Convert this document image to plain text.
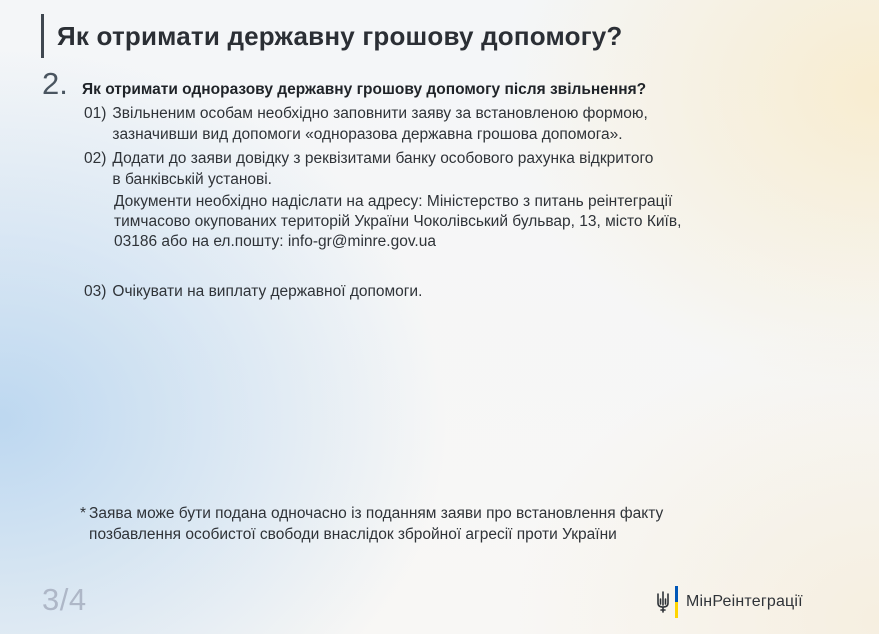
Як отримати державну грошову допомогу?
2. Як отримати одноразову державну грошову допомогу після звільнення?
01) Звільненим особам необхідно заповнити заяву за встановленою формою,
зазначивши вид допомоги «одноразова державна грошова допомога».
02) Додати до заяви довідку з реквізитами банку особового рахунка відкритого
в банківській установі.
Документи необхідно надіслати на адресу: Міністерство з питань реінтеграції
тимчасово окупованих територій України Чоколівський бульвар, 13, місто Київ,
03186 або на ел.пошту: info-gr@minre.gov.ua
03) Очікувати на виплату державної допомоги.
* Заява може бути подана одночасно із поданням заяви про встановлення факту
позбавлення особистої свободи внаслідок збройної агресії проти України
3/4	МінРеінтеграції
